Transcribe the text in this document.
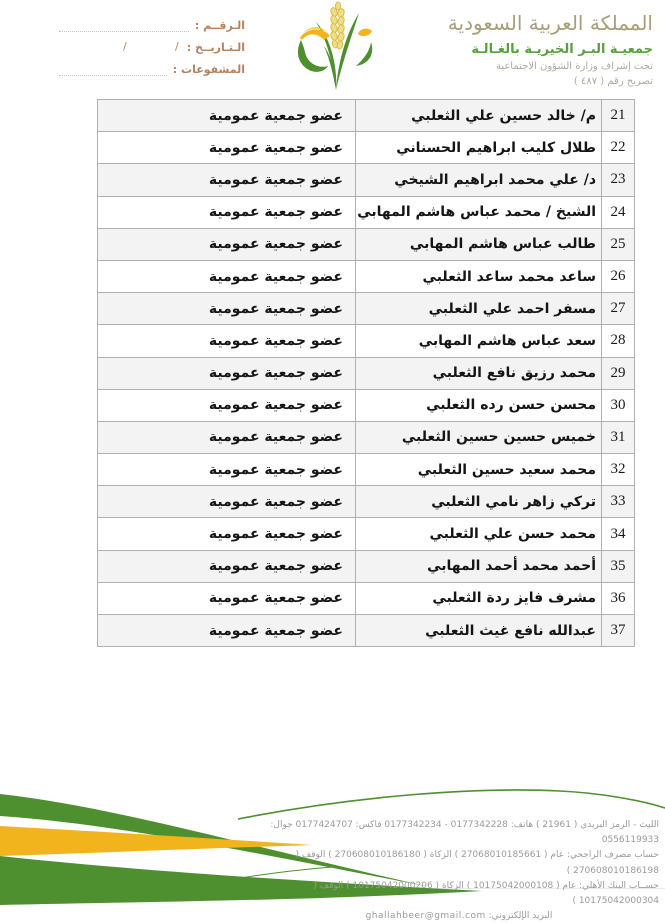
المملكة العربية السعودية
جمعيـة البـر الخيريـة بالغـالـة
تحت إشراف وزارة الشؤون الاجتماعية
تصريح رقم ( ٤٨٧ )
الـرقــم :
الـتـاريــخ :
/
/
المشفوعات :
21	م/ خالد حسين علي الثعلبي	عضو جمعية عمومية
22	طلال كليب ابراهيم الحسناني	عضو جمعية عمومية
23	د/ علي محمد ابراهيم الشيخي	عضو جمعية عمومية
24	الشيخ / محمد عباس هاشم المهابي	عضو جمعية عمومية
25	طالب عباس هاشم المهابي	عضو جمعية عمومية
26	ساعد محمد ساعد الثعلبي	عضو جمعية عمومية
27	مسفر احمد علي الثعلبي	عضو جمعية عمومية
28	سعد عباس هاشم المهابي	عضو جمعية عمومية
29	محمد رزيق نافع الثعلبي	عضو جمعية عمومية
30	محسن حسن رده الثعلبي	عضو جمعية عمومية
31	خميس حسين حسين الثعلبي	عضو جمعية عمومية
32	محمد سعيد حسين الثعلبي	عضو جمعية عمومية
33	تركي زاهر نامي الثعلبي	عضو جمعية عمومية
34	محمد حسن علي الثعلبي	عضو جمعية عمومية
35	أحمد محمد أحمد المهابي	عضو جمعية عمومية
36	مشرف فايز ردة الثعلبي	عضو جمعية عمومية
37	عبدالله نافع غيث الثعلبي	عضو جمعية عمومية
الليث - الرمز البريدي ( 21961 ) هاتف: 0177342228 ‏- 0177342234 فاكس: 0177424707 جوال: 0556119933
حساب مصرف الراجحي: عام ( 27068010185661 ) الزكاة ( 270608010186180 ) الوقف ( 270608010186198 )
حســاب البنك الأهلي: عام ( 10175042000108 ) الزكاة ( 10175042000206 ) الوقف ( 10175042000304 )
البريد الإلكتروني: ghallahbeer@gmail.com
